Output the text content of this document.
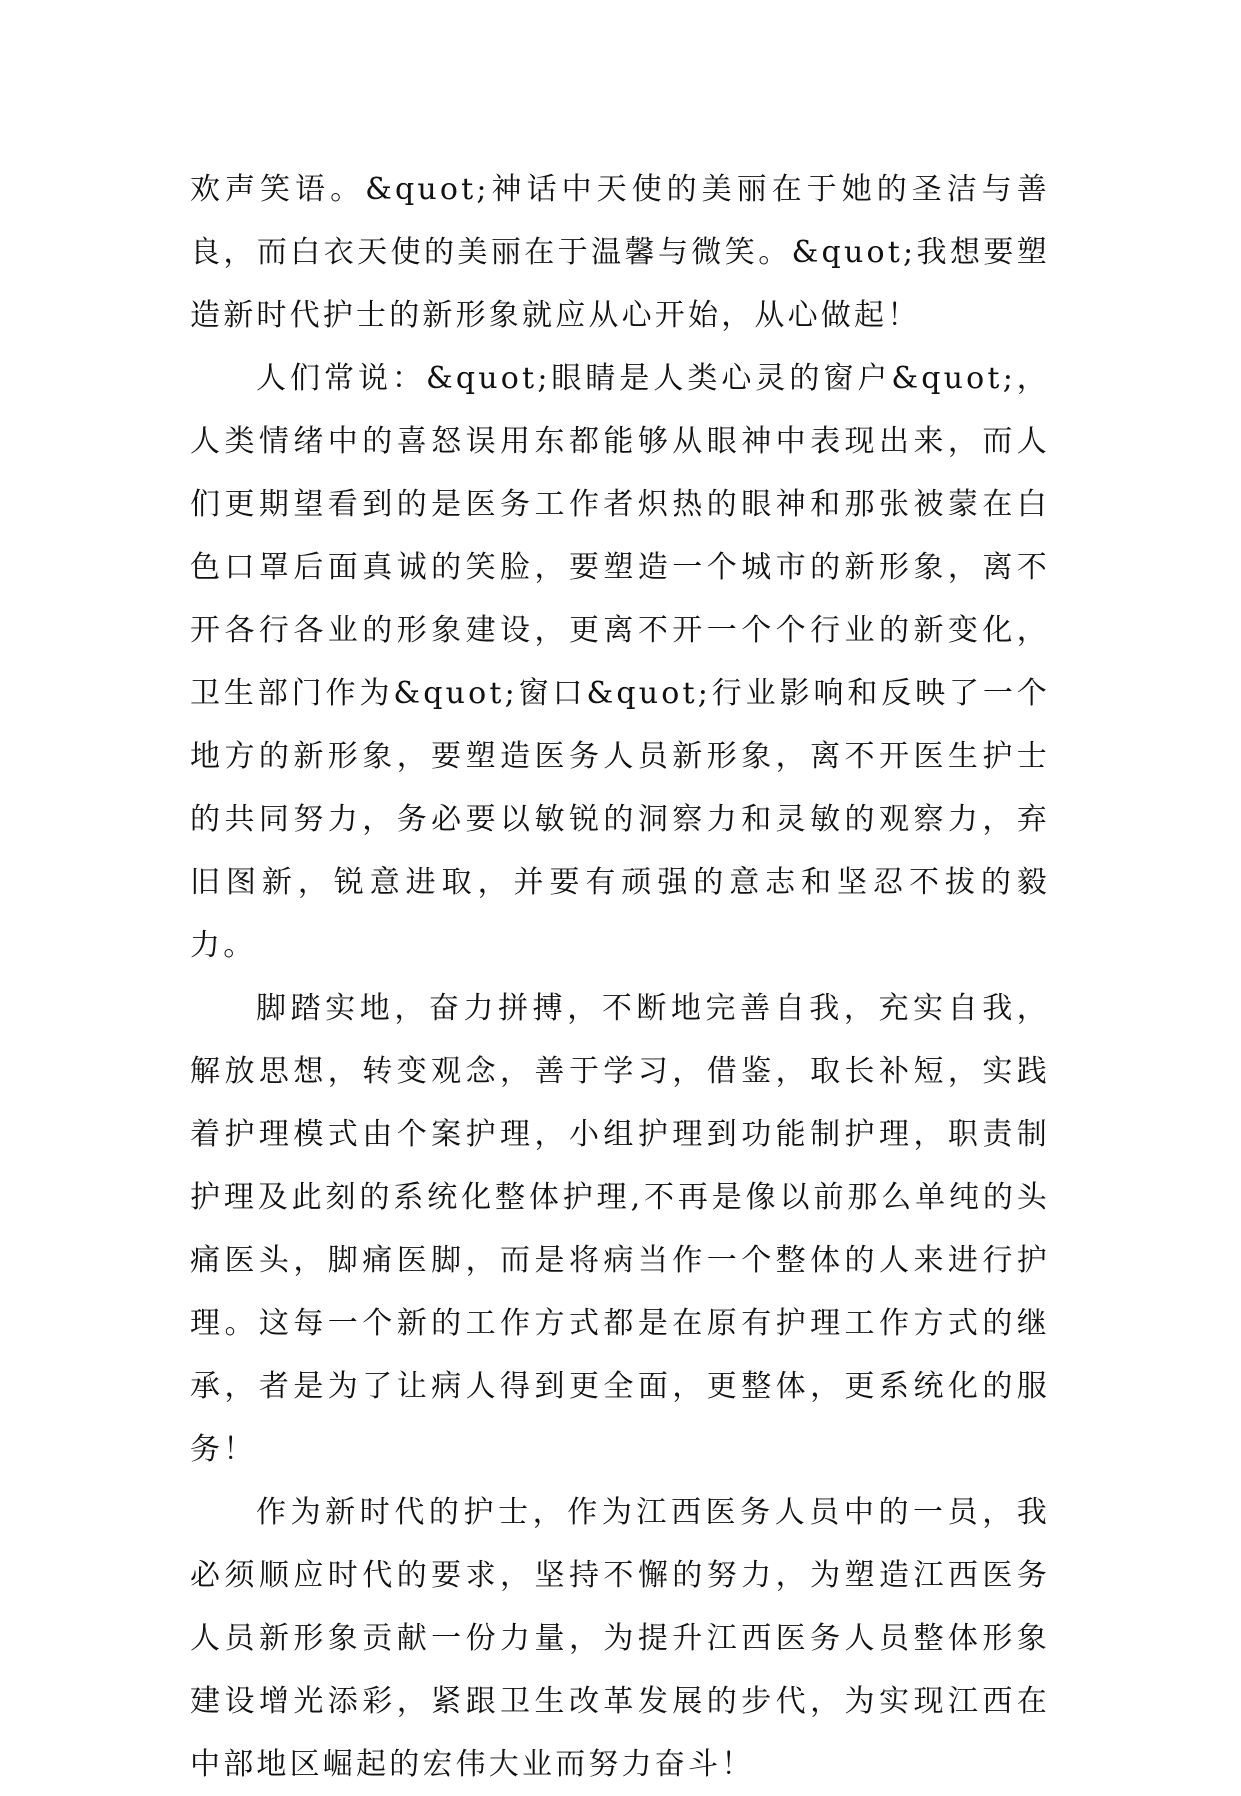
欢声笑语。&quot;神话中天使的美丽在于她的圣洁与善良，而白衣天使的美丽在于温馨与微笑。&quot;我想要塑造新时代护士的新形象就应从心开始，从心做起！

人们常说：&quot;眼睛是人类心灵的窗户&quot;，人类情绪中的喜怒误用东都能够从眼神中表现出来，而人们更期望看到的是医务工作者炽热的眼神和那张被蒙在白色口罩后面真诚的笑脸，要塑造一个城市的新形象，离不开各行各业的形象建设，更离不开一个个行业的新变化，卫生部门作为&quot;窗口&quot;行业影响和反映了一个地方的新形象，要塑造医务人员新形象，离不开医生护士的共同努力，务必要以敏锐的洞察力和灵敏的观察力，弃旧图新，锐意进取，并要有顽强的意志和坚忍不拔的毅力。

脚踏实地，奋力拼搏，不断地完善自我，充实自我，解放思想，转变观念，善于学习，借鉴，取长补短，实践着护理模式由个案护理，小组护理到功能制护理，职责制护理及此刻的系统化整体护理,不再是像以前那么单纯的头痛医头，脚痛医脚，而是将病当作一个整体的人来进行护理。这每一个新的工作方式都是在原有护理工作方式的继承，者是为了让病人得到更全面，更整体，更系统化的服务！

作为新时代的护士，作为江西医务人员中的一员，我必须顺应时代的要求，坚持不懈的努力，为塑造江西医务人员新形象贡献一份力量，为提升江西医务人员整体形象建设增光添彩，紧跟卫生改革发展的步代，为实现江西在中部地区崛起的宏伟大业而努力奋斗！
